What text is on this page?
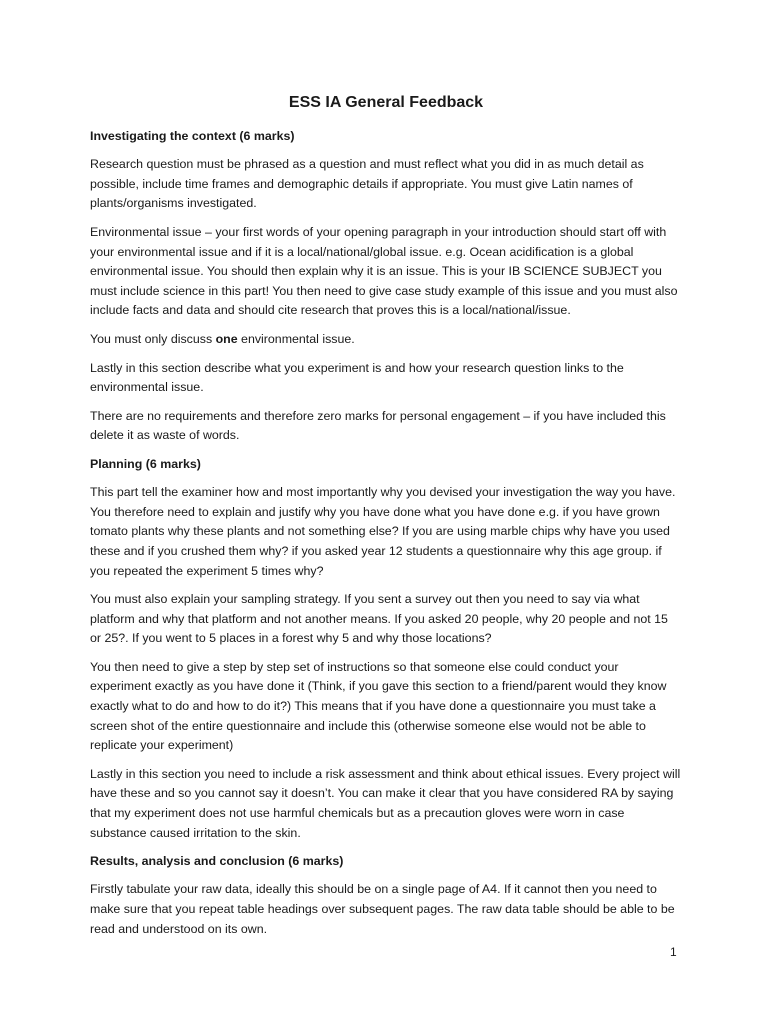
ESS IA General Feedback

Investigating the context (6 marks)

Research question must be phrased as a question and must reflect what you did in as much detail as possible, include time frames and demographic details if appropriate. You must give Latin names of plants/organisms investigated.

Environmental issue – your first words of your opening paragraph in your introduction should start off with your environmental issue and if it is a local/national/global issue. e.g. Ocean acidification is a global environmental issue. You should then explain why it is an issue. This is your IB SCIENCE SUBJECT you must include science in this part! You then need to give case study example of this issue and you must also include facts and data and should cite research that proves this is a local/national/issue.

You must only discuss one environmental issue.

Lastly in this section describe what you experiment is and how your research question links to the environmental issue.

There are no requirements and therefore zero marks for personal engagement – if you have included this delete it as waste of words.

Planning (6 marks)

This part tell the examiner how and most importantly why you devised your investigation the way you have. You therefore need to explain and justify why you have done what you have done e.g. if you have grown tomato plants why these plants and not something else? If you are using marble chips why have you used these and if you crushed them why? if you asked year 12 students a questionnaire why this age group. if you repeated the experiment 5 times why?

You must also explain your sampling strategy. If you sent a survey out then you need to say via what platform and why that platform and not another means. If you asked 20 people, why 20 people and not 15 or 25?. If you went to 5 places in a forest why 5 and why those locations?

You then need to give a step by step set of instructions so that someone else could conduct your experiment exactly as you have done it (Think, if you gave this section to a friend/parent would they know exactly what to do and how to do it?) This means that if you have done a questionnaire you must take a screen shot of the entire questionnaire and include this (otherwise someone else would not be able to replicate your experiment)

Lastly in this section you need to include a risk assessment and think about ethical issues. Every project will have these and so you cannot say it doesn’t. You can make it clear that you have considered RA by saying that my experiment does not use harmful chemicals but as a precaution gloves were worn in case substance caused irritation to the skin.

Results, analysis and conclusion (6 marks)

Firstly tabulate your raw data, ideally this should be on a single page of A4. If it cannot then you need to make sure that you repeat table headings over subsequent pages. The raw data table should be able to be read and understood on its own.

1
